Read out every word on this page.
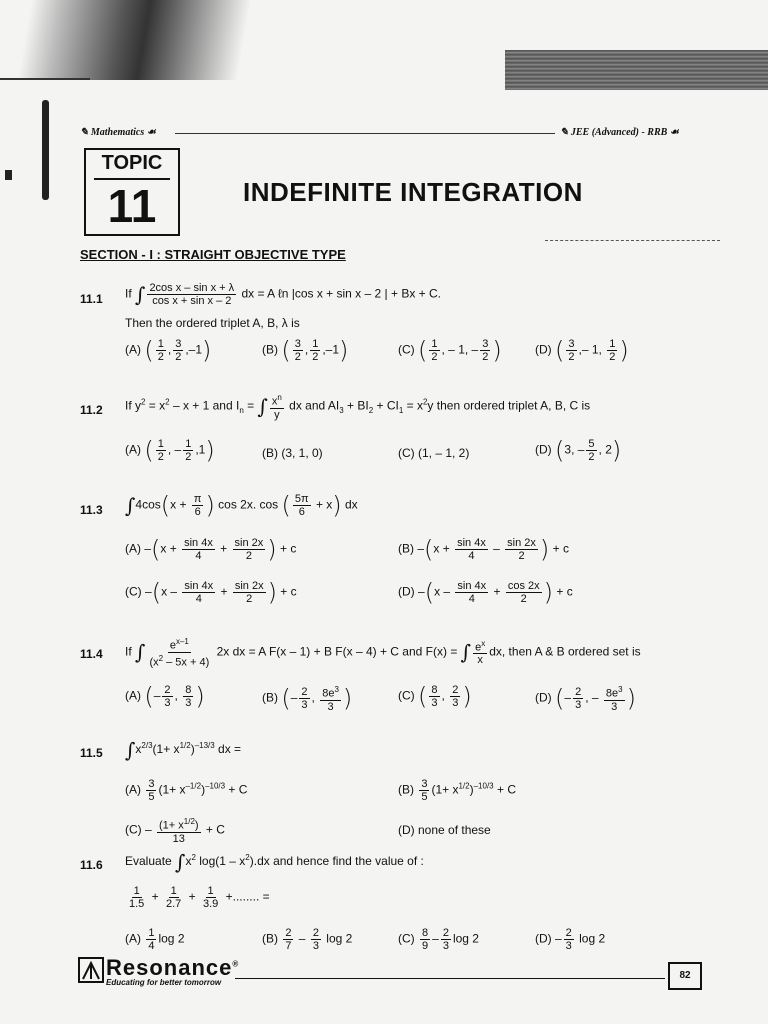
✎ Mathematics ☙	✎ JEE (Advanced) - RRB ☙
TOPIC
11	INDEFINITE INTEGRATION
SECTION - I : STRAIGHT OBJECTIVE TYPE
11.1 If ∫ $\frac{\text{2cos x – sin x + λ}}{\text{cos x + sin x – 2}}$ dx = A ℓn |cos x + sin x – 2 | + Bx + C.
Then the ordered triplet A, B, λ is
(A) ( $\frac{1}{2}$ , $\frac{3}{2} ,-1$)	(B) ( $\frac{3}{2}$ , $\frac{1}{2} ,-1$)	(C) ( $\frac{1}{2}$ , – 1, – $\frac{3}{2}$ )	(D) ( $\frac{3}{2}$ ,– 1, $\frac{1}{2}$ )
11.2 If $y^2 = x^2 - x + 1$ and $I_n$ = ∫ $\frac{x^n}{y}$ dx and $AI_3 + BI_2 + CI_1 = x^2y$ then ordered triplet A, B, C is
(A) ( $\frac{1}{2}$ , – $\frac{1}{2} ,1$)	(B) (3, 1, 0)	(C) (1, – 1, 2)	(D) (3, – $\frac{5}{2}$ , 2)
11.3 $\int 4\cos(x + \frac{\pi}{6}$ ) cos 2x. cos ( $\frac{5\pi}{6} + x$) dx
(A) $-(x + \frac{\sin 4x}{4} + \frac{\sin 2x}{2}$ ) + c	(B) $-(x + \frac{\sin 4x}{4} - \frac{\sin 2x}{2}$ ) + c
(C) $-(x - \frac{\sin 4x}{4} + \frac{\sin 2x}{2}$ ) + c	(D) $-(x - \frac{\sin 4x}{4} + \frac{\cos 2x}{2}$ ) + c
11.4 If ∫ $\frac{e^{x-1}}{(x^2 - 5x + 4)} 2x$ dx = A F(x – 1) + B F(x – 4) + C and F(x) = ∫ $\frac{e^x}{x}$ dx, then A & B ordered set is
(A) (– $\frac{2}{3}$ , $\frac{8}{3}$ )	(B) (– $\frac{2}{3}$ , $\frac{8e^3}{3}$ )	(C) ( $\frac{8}{3}$ , $\frac{2}{3}$ )	(D) (– $\frac{2}{3}$ , – $\frac{8e^3}{3}$ )
11.5 $\int x^{2/3}(1+ x^{1/2})^{-13/3}$ dx =
$(A) \frac{3}{5} (1+ x^{-1/2})^{-10/3} + C$	$(B) \frac{3}{5} (1+ x^{1/2})^{-10/3} + C$
$(C) - \frac{(1+ x^{1/2})}{13} + C$	(D) none of these
11.6 Evaluate $\int x^2$ $\log(1 - x^2).dx$ and hence find the value of :
$\frac{1}{1.5} + \frac{1}{2.7} + \frac{1}{3.9}$ +........ =
$(A) \frac{1}{4}$ log 2	$(B) \frac{2}{7} - \frac{2}{3}$ log 2	$(C) \frac{8}{9} - \frac{2}{3}$ log 2	$(D) - \frac{2}{3}$ log 2
Resonance®
Educating for better tomorrow
82
